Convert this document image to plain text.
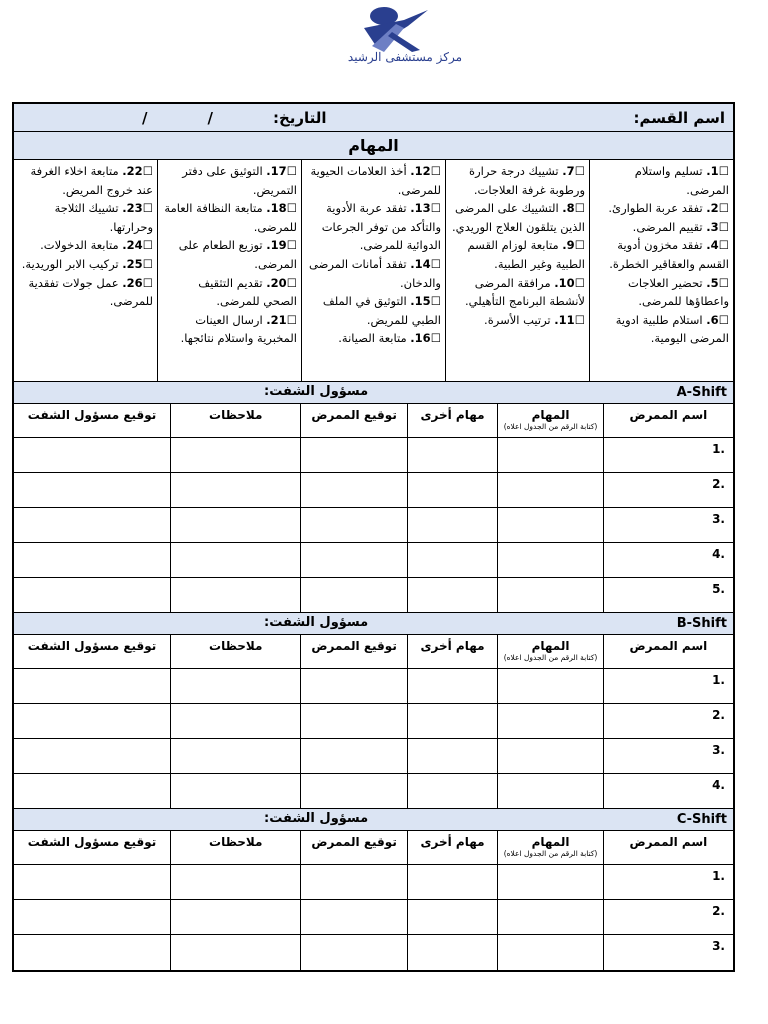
مركز مستشفى الرشيد
اسم القسم:
التاريخ:
/
/
المهام
☐1. تسليم واستلام المرضى.
☐2. تفقد عربة الطوارئ.
☐3. تقييم المرضى.
☐4. تفقد مخزون أدوية القسم والعقاقير الخطرة.
☐5. تحضير العلاجات واعطاؤها للمرضى.
☐6. استلام طلبية ادوية المرضى اليومية.
☐7. تشييك درجة حرارة ورطوبة غرفة العلاجات.
☐8. التشييك على المرضى الذين يتلقون العلاج الوريدي.
☐9. متابعة لوزام القسم الطبية وغير الطبية.
☐10. مرافقة المرضى لأنشطة البرنامج التأهيلي.
☐11. ترتيب الأسرة.
☐12. أخذ العلامات الحيوية للمرضى.
☐13. تفقد عربة الأدوية والتأكد من توفر الجرعات الدوائية للمرضى.
☐14. تفقد أمانات المرضى والدخان.
☐15. التوثيق في الملف الطبي للمريض.
☐16. متابعة الصيانة.
☐17. التوثيق على دفتر التمريض.
☐18. متابعة النظافة العامة للمرضى.
☐19. توزيع الطعام على المرضى.
☐20. تقديم التثقيف الصحي للمرضى.
☐21. ارسال العينات المخبرية واستلام نتائجها.
☐22. متابعة اخلاء الغرفة عند خروج المريض.
☐23. تشييك الثلاجة وحرارتها.
☐24. متابعة الدخولات.
☐25. تركيب الابر الوريدية.
☐26. عمل جولات تفقدية للمرضى.
A-Shift
مسؤول الشفت:
اسم الممرض
المهام
(كتابة الرقم من الجدول اعلاه)
مهام أخرى
توقيع الممرض
ملاحظات
توقيع مسؤول الشفت
1.
2.
3.
4.
5.
B-Shift
مسؤول الشفت:
اسم الممرض
المهام
(كتابة الرقم من الجدول اعلاه)
مهام أخرى
توقيع الممرض
ملاحظات
توقيع مسؤول الشفت
1.
2.
3.
4.
C-Shift
مسؤول الشفت:
اسم الممرض
المهام
(كتابة الرقم من الجدول اعلاه)
مهام أخرى
توقيع الممرض
ملاحظات
توقيع مسؤول الشفت
1.
2.
3.
